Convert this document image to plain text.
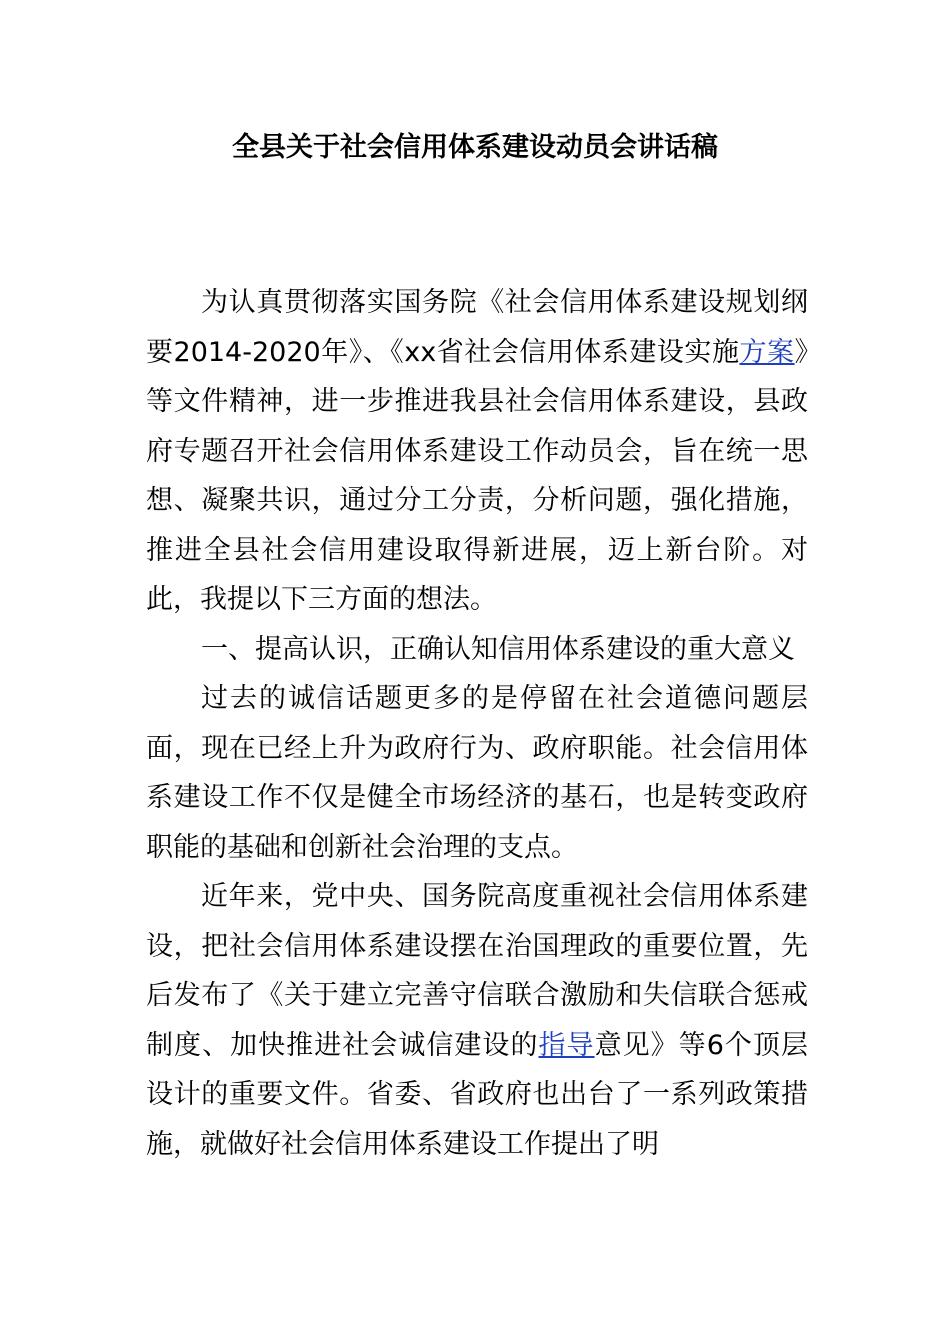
全县关于社会信用体系建设动员会讲话稿

为认真贯彻落实国务院《社会信用体系建设规划纲要2014-2020年》、《xx省社会信用体系建设实施方案》等文件精神，进一步推进我县社会信用体系建设，县政府专题召开社会信用体系建设工作动员会，旨在统一思想、凝聚共识，通过分工分责，分析问题，强化措施，推进全县社会信用建设取得新进展，迈上新台阶。对此，我提以下三方面的想法。

一、提高认识，正确认知信用体系建设的重大意义

过去的诚信话题更多的是停留在社会道德问题层面，现在已经上升为政府行为、政府职能。社会信用体系建设工作不仅是健全市场经济的基石，也是转变政府职能的基础和创新社会治理的支点。

近年来，党中央、国务院高度重视社会信用体系建设，把社会信用体系建设摆在治国理政的重要位置，先后发布了《关于建立完善守信联合激励和失信联合惩戒制度、加快推进社会诚信建设的指导意见》等6个顶层设计的重要文件。省委、省政府也出台了一系列政策措施，就做好社会信用体系建设工作提出了明
